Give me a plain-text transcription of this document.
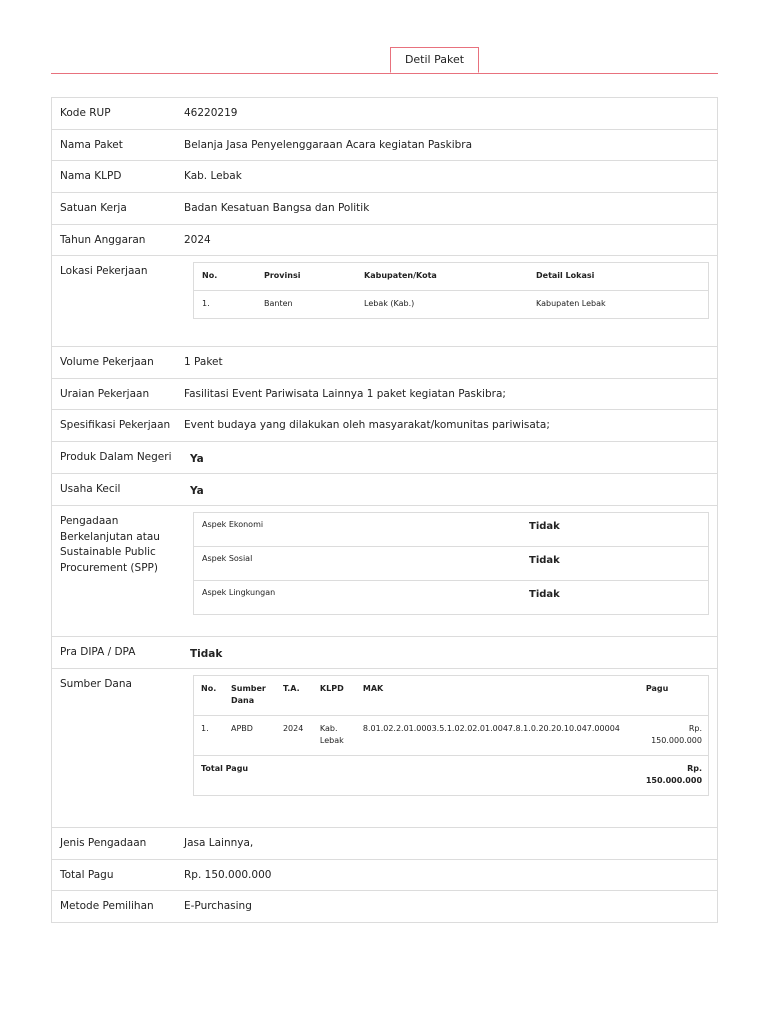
Detil Paket
Kode RUP	46220219
Nama Paket	Belanja Jasa Penyelenggaraan Acara kegiatan Paskibra
Nama KLPD	Kab. Lebak
Satuan Kerja	Badan Kesatuan Bangsa dan Politik
Tahun Anggaran	2024
Lokasi Pekerjaan	No.	Provinsi	Kabupaten/Kota	Detail Lokasi
1.	Banten	Lebak (Kab.)	Kabupaten Lebak
Volume Pekerjaan	1 Paket
Uraian Pekerjaan	Fasilitasi Event Pariwisata Lainnya 1 paket kegiatan Paskibra;
Spesifikasi Pekerjaan	Event budaya yang dilakukan oleh masyarakat/komunitas pariwisata;
Produk Dalam Negeri	Ya
Usaha Kecil	Ya
Pengadaan Berkelanjutan atau Sustainable Public Procurement (SPP)
Aspek Ekonomi	Tidak
Aspek Sosial	Tidak
Aspek Lingkungan	Tidak
Pra DIPA / DPA	Tidak
Sumber Dana	No.	Sumber Dana	T.A.	KLPD	MAK	Pagu
1.	APBD	2024	Kab. Lebak	8.01.02.2.01.0003.5.1.02.02.01.0047.8.1.0.20.20.10.047.00004	Rp. 150.000.000
Total Pagu					Rp. 150.000.000
Jenis Pengadaan	Jasa Lainnya,
Total Pagu	Rp. 150.000.000
Metode Pemilihan	E-Purchasing
